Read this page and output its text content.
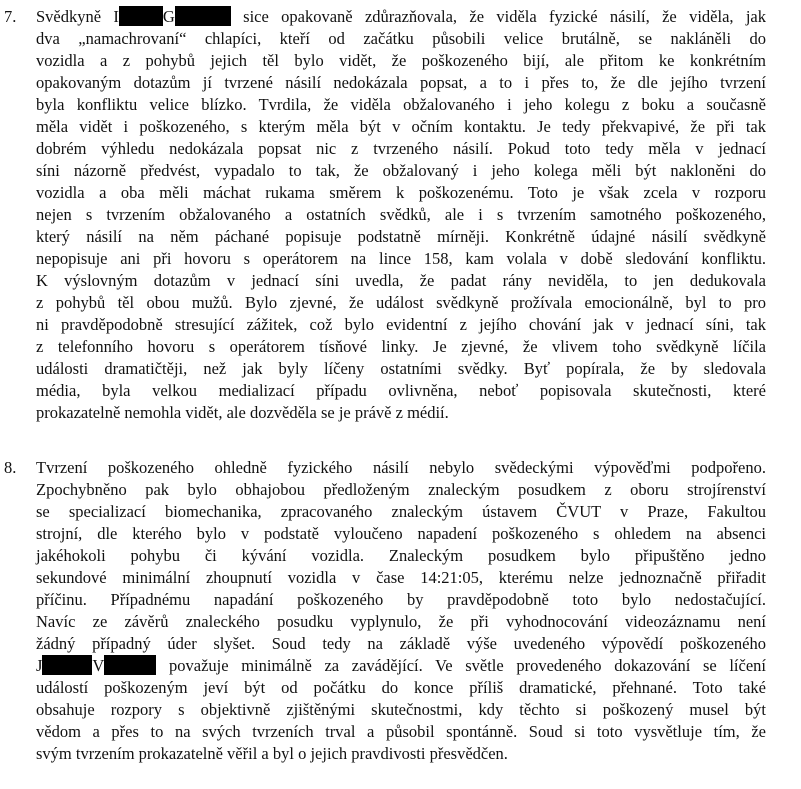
7. Svědkyně I	G	sice opakovaně zdůrazňovala, že viděla fyzické násilí, že viděla, jak
dva „namachrovaní“ chlapíci, kteří od začátku působili velice brutálně, se nakláněli do
vozidla a z pohybů jejich těl bylo vidět, že poškozeného bijí, ale přitom ke konkrétním
opakovaným dotazům jí tvrzené násilí nedokázala popsat, a to i přes to, že dle jejího tvrzení
byla konfliktu velice blízko. Tvrdila, že viděla obžalovaného i jeho kolegu z boku a současně
měla vidět i poškozeného, s kterým měla být v očním kontaktu. Je tedy překvapivé, že při tak
dobrém výhledu nedokázala popsat nic z tvrzeného násilí. Pokud toto tedy měla v jednací
síni názorně předvést, vypadalo to tak, že obžalovaný i jeho kolega měli být nakloněni do
vozidla a oba měli máchat rukama směrem k poškozenému. Toto je však zcela v rozporu
nejen s tvrzením obžalovaného a ostatních svědků, ale i s tvrzením samotného poškozeného,
který násilí na něm páchané popisuje podstatně mírněji. Konkrétně údajné násilí svědkyně
nepopisuje ani při hovoru s operátorem na lince 158, kam volala v době sledování konfliktu.
K výslovným dotazům v jednací síni uvedla, že padat rány neviděla, to jen dedukovala
z pohybů těl obou mužů. Bylo zjevné, že událost svědkyně prožívala emocionálně, byl to pro
ni pravděpodobně stresující zážitek, což bylo evidentní z jejího chování jak v jednací síni, tak
z telefonního hovoru s operátorem tísňové linky. Je zjevné, že vlivem toho svědkyně líčila
události dramatičtěji, než jak byly líčeny ostatními svědky. Byť popírala, že by sledovala
média, byla velkou medializací případu ovlivněna, neboť popisovala skutečnosti, které
prokazatelně nemohla vidět, ale dozvěděla se je právě z médií.
8. Tvrzení poškozeného ohledně fyzického násilí nebylo svědeckými výpověďmi podpořeno.
Zpochybněno pak bylo obhajobou předloženým znaleckým posudkem z oboru strojírenství
se specializací biomechanika, zpracovaného znaleckým ústavem ČVUT v Praze, Fakultou
strojní, dle kterého bylo v podstatě vyloučeno napadení poškozeného s ohledem na absenci
jakéhokoli pohybu či kývání vozidla. Znaleckým posudkem bylo připuštěno jedno
sekundové minimální zhoupnutí vozidla v čase 14:21:05, kterému nelze jednoznačně přiřadit
příčinu. Případnému napadání poškozeného by pravděpodobně toto bylo nedostačující.
Navíc ze závěrů znaleckého posudku vyplynulo, že při vyhodnocování videozáznamu není
žádný případný úder slyšet. Soud tedy na základě výše uvedeného výpovědí poškozeného
J	V	považuje minimálně za zavádějící. Ve světle provedeného dokazování se líčení
událostí poškozeným jeví být od počátku do konce příliš dramatické, přehnané. Toto také
obsahuje rozpory s objektivně zjištěnými skutečnostmi, kdy těchto si poškozený musel být
vědom a přes to na svých tvrzeních trval a působil spontánně. Soud si toto vysvětluje tím, že
svým tvrzením prokazatelně věřil a byl o jejich pravdivosti přesvědčen.
